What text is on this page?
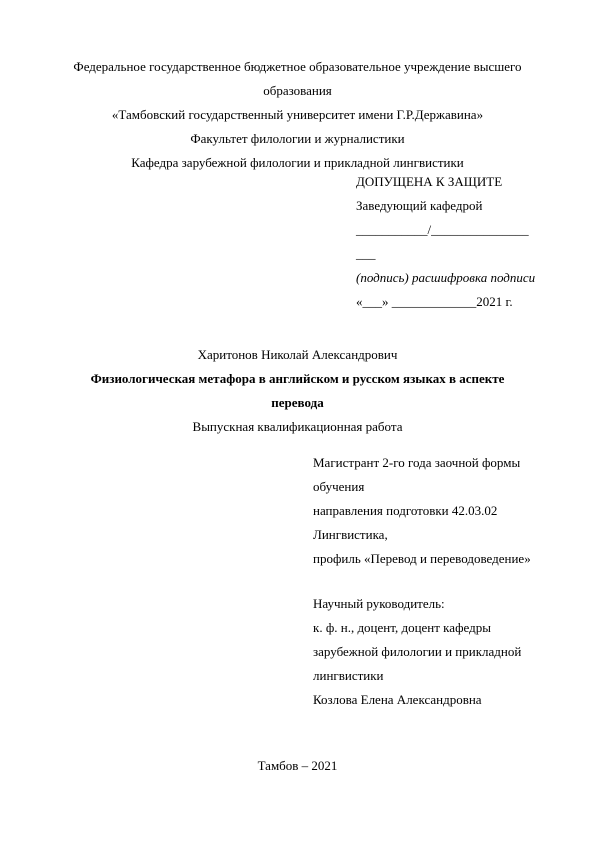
Федеральное государственное бюджетное образовательное учреждение высшего
образования
«Тамбовский государственный университет имени Г.Р.Державина»
Факультет филологии и журналистики
Кафедра зарубежной филологии и прикладной лингвистики
ДОПУЩЕНА К ЗАЩИТЕ
Заведующий кафедрой
___________/_______________
___
(подпись) расшифровка подписи
«___» _____________2021 г.
Харитонов Николай Александрович
Физиологическая метафора в английском и русском языках в аспекте
перевода
Выпускная квалификационная работа
Магистрант 2-го года заочной формы
обучения
направления подготовки 42.03.02
Лингвистика,
профиль «Перевод и переводоведение»
Научный руководитель:
к. ф. н., доцент, доцент кафедры
зарубежной филологии и прикладной
лингвистики
Козлова Елена Александровна
Тамбов – 2021
